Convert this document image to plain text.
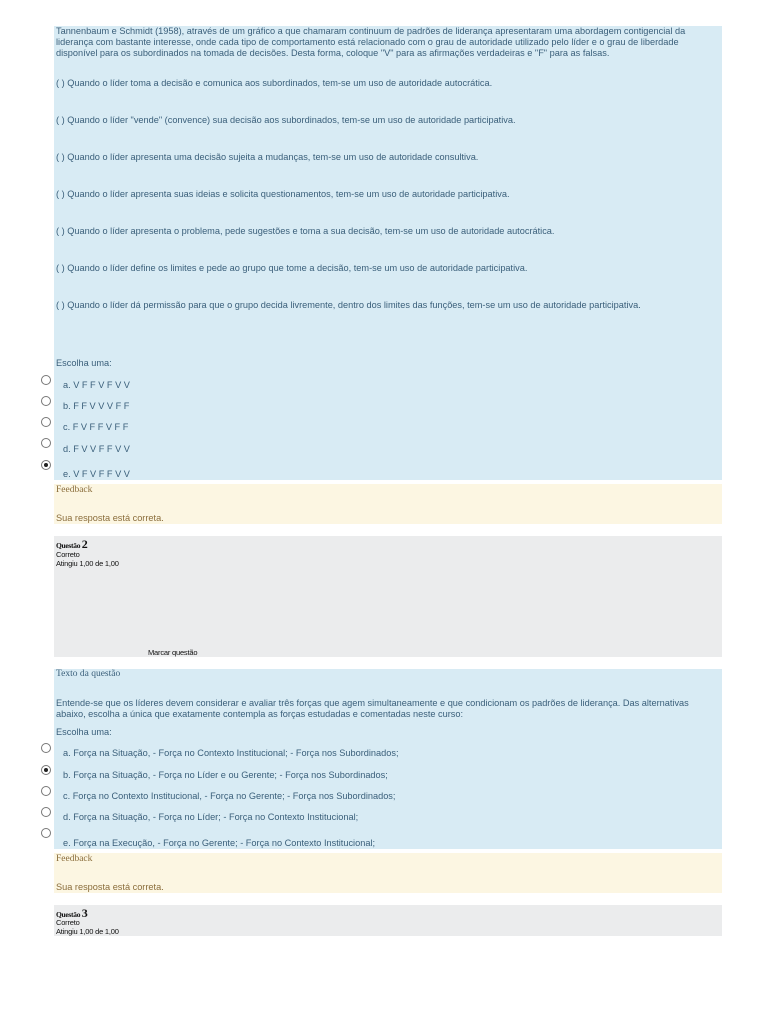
Tannenbaum e Schmidt (1958), através de um gráfico a que chamaram continuum de padrões de liderança apresentaram uma abordagem contigencial da liderança com bastante interesse, onde cada tipo de comportamento está relacionado com o grau de autoridade utilizado pelo líder e o grau de liberdade disponível para os subordinados na tomada de decisões. Desta forma, coloque "V" para as afirmações verdadeiras e "F" para as falsas.
( ) Quando o líder toma a decisão e comunica aos subordinados, tem-se um uso de autoridade autocrática.
( ) Quando o líder "vende" (convence) sua decisão aos subordinados, tem-se um uso de autoridade participativa.
( ) Quando o líder apresenta uma decisão sujeita a mudanças, tem-se um uso de autoridade consultiva.
( ) Quando o líder apresenta suas ideias e solicita questionamentos, tem-se um uso de autoridade participativa.
( ) Quando o líder apresenta o problema, pede sugestões e toma a sua decisão, tem-se um uso de autoridade autocrática.
( ) Quando o líder define os limites e pede ao grupo que tome a decisão, tem-se um uso de autoridade participativa.
( ) Quando o líder dá permissão para que o grupo decida livremente, dentro dos limites das funções, tem-se um uso de autoridade participativa.
Escolha uma:
a. V F F V F V V
b. F F V V V F F
c. F V F F V F F
d. F V V F F V V
e. V F V F F V V
Feedback
Sua resposta está correta.
Questão 2
Correto
Atingiu 1,00 de 1,00
Marcar questão
Texto da questão
Entende-se que os líderes devem considerar e avaliar três forças que agem simultaneamente e que condicionam os padrões de liderança. Das alternativas abaixo, escolha a única que exatamente contempla as forças estudadas e comentadas neste curso:
Escolha uma:
a. Força na Situação, - Força no Contexto Institucional; - Força nos Subordinados;
b. Força na Situação, - Força no Líder e ou Gerente; - Força nos Subordinados;
c. Força no Contexto Institucional, - Força no Gerente; - Força nos Subordinados;
d. Força na Situação, - Força no Líder; - Força no Contexto Institucional;
e. Força na Execução, - Força no Gerente; - Força no Contexto Institucional;
Feedback
Sua resposta está correta.
Questão 3
Correto
Atingiu 1,00 de 1,00
